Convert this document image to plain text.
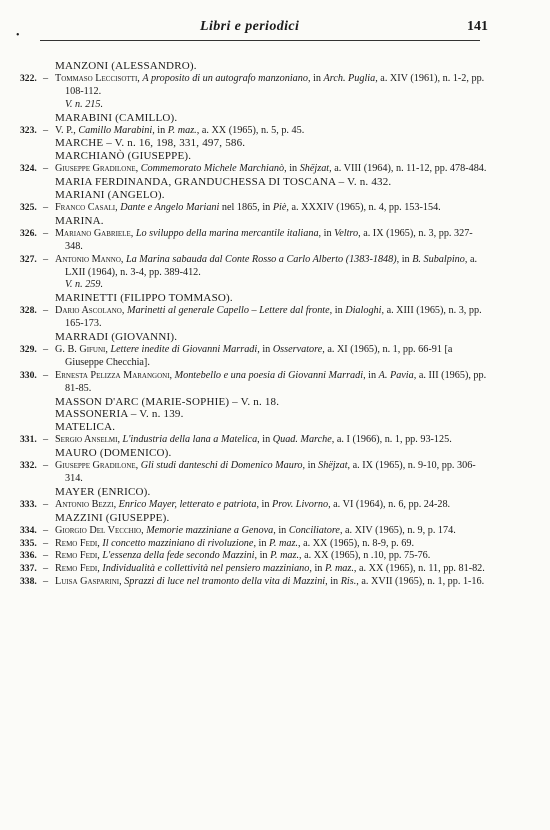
Libri e periodici	141
•
MANZONI (ALESSANDRO).
322. – Tommaso Leccisotti, A proposito di un autografo manzoniano, in Arch. Puglia, a. XIV (1961), n. 1-2, pp. 108-112.
V. n. 215.
MARABINI (CAMILLO).
323. – V. P., Camillo Marabini, in P. maz., a. XX (1965), n. 5, p. 45.
MARCHE – V. n. 16, 198, 331, 497, 586.
MARCHIANÒ (GIUSEPPE).
324. – Giuseppe Gradilone, Commemorato Michele Marchianò, in Shëjzat, a. VIII (1964), n. 11-12, pp. 478-484.
MARIA FERDINANDA, GRANDUCHESSA DI TOSCANA – V. n. 432.
MARIANI (ANGELO).
325. – Franco Casali, Dante e Angelo Mariani nel 1865, in Piè, a. XXXIV (1965), n. 4, pp. 153-154.
MARINA.
326. – Mariano Gabriele, Lo sviluppo della marina mercantile italiana, in Veltro, a. IX (1965), n. 3, pp. 327-348.
327. – Antonio Manno, La Marina sabauda dal Conte Rosso a Carlo Alberto (1383-1848), in B. Subalpino, a. LXII (1964), n. 3-4, pp. 389-412.
V. n. 259.
MARINETTI (FILIPPO TOMMASO).
328. – Dario Ascolano, Marinetti al generale Capello – Lettere dal fronte, in Dialoghi, a. XIII (1965), n. 3, pp. 165-173.
MARRADI (GIOVANNI).
329. – G. B. Gifuni, Lettere inedite di Giovanni Marradi, in Osservatore, a. XI (1965), n. 1, pp. 66-91 [a Giuseppe Checchia].
330. – Ernesta Pelizza Marangoni, Montebello e una poesia di Giovanni Marradi, in A. Pavia, a. III (1965), pp. 81-85.
MASSON D'ARC (MARIE-SOPHIE) – V. n. 18.
MASSONERIA – V. n. 139.
MATELICA.
331. – Sergio Anselmi, L'industria della lana a Matelica, in Quad. Marche, a. I (1966), n. 1, pp. 93-125.
MAURO (DOMENICO).
332. – Giuseppe Gradilone, Gli studi danteschi di Domenico Mauro, in Shëjzat, a. IX (1965), n. 9-10, pp. 306-314.
MAYER (ENRICO).
333. – Antonio Bezzi, Enrico Mayer, letterato e patriota, in Prov. Livorno, a. VI (1964), n. 6, pp. 24-28.
MAZZINI (GIUSEPPE).
334. – Giorgio Del Vecchio, Memorie mazziniane a Genova, in Conciliatore, a. XIV (1965), n. 9, p. 174.
335. – Remo Fedi, Il concetto mazziniano di rivoluzione, in P. maz., a. XX (1965), n. 8-9, p. 69.
336. – Remo Fedi, L'essenza della fede secondo Mazzini, in P. maz., a. XX (1965), n .10, pp. 75-76.
337. – Remo Fedi, Individualità e collettività nel pensiero mazziniano, in P. maz., a. XX (1965), n. 11, pp. 81-82.
338. – Luisa Gasparini, Sprazzi di luce nel tramonto della vita di Mazzini, in Ris., a. XVII (1965), n. 1, pp. 1-16.
